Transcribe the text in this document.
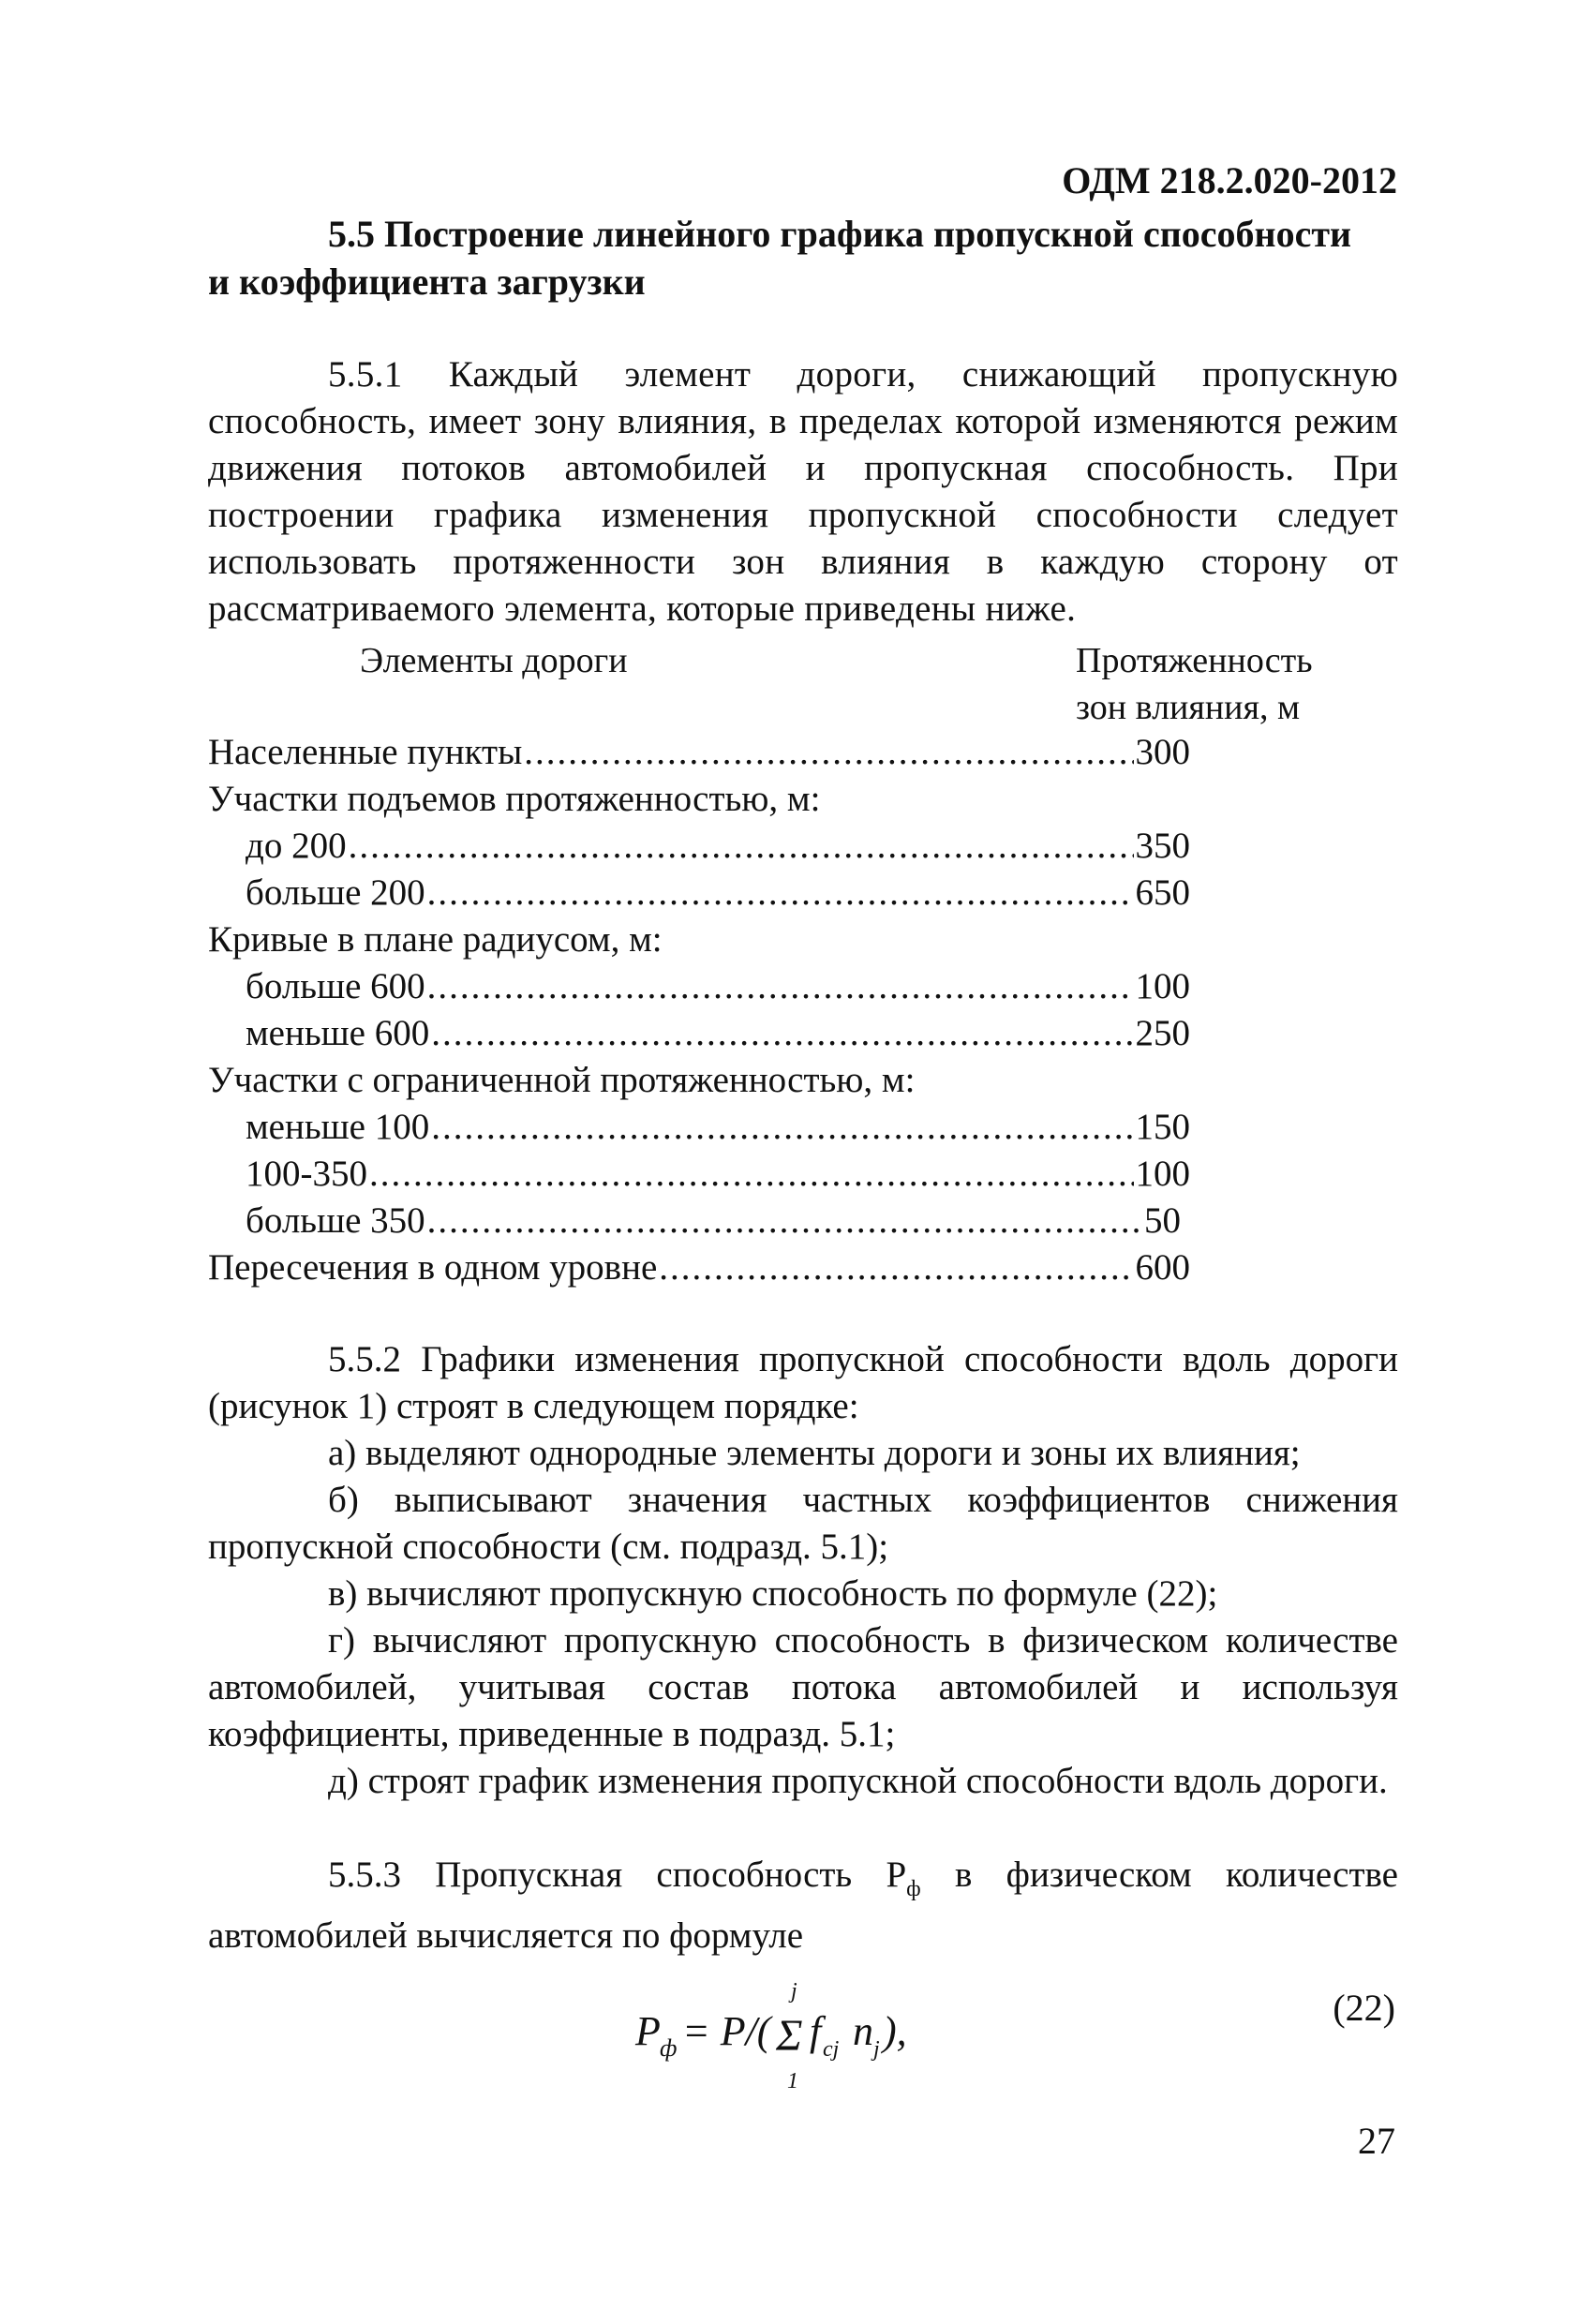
ОДМ 218.2.020-2012
5.5 Построение линейного графика пропускной способности
и коэффициента загрузки
5.5.1 Каждый элемент дороги, снижающий пропускную способность, имеет зону влияния, в пределах которой изменяются режим движения потоков автомобилей и пропускная способность. При построении графика изменения пропускной способности следует использовать протяженности зон влияния в каждую сторону от рассматриваемого элемента, которые приведены ниже.
Элементы дороги	Протяженность
зон влияния, м
Населенные пункты .....	300
Участки подъемов протяженностью, м:
до 200 .....	350
больше 200 .....	650
Кривые в плане радиусом, м:
больше 600 .....	100
меньше 600 .....	250
Участки с ограниченной протяженностью, м:
меньше 100 .....	150
100-350 .....	100
больше 350 .....	50
Пересечения в одном уровне .....	600
5.5.2 Графики изменения пропускной способности вдоль дороги (рисунок 1) строят в следующем порядке:
а) выделяют однородные элементы дороги и зоны их влияния;
б) выписывают значения частных коэффициентов снижения пропускной способности (см. подразд. 5.1);
в) вычисляют пропускную способность по формуле (22);
г) вычисляют пропускную способность в физическом количестве автомобилей, учитывая состав потока автомобилей и используя коэффициенты, приведенные в подразд. 5.1;
д) строят график изменения пропускной способности вдоль дороги.
5.5.3 Пропускная способность $Р_ф$ в физическом количестве автомобилей вычисляется по формуле
P ф = P/(
j
Σ
1
f cj n j ),
(22)
27
